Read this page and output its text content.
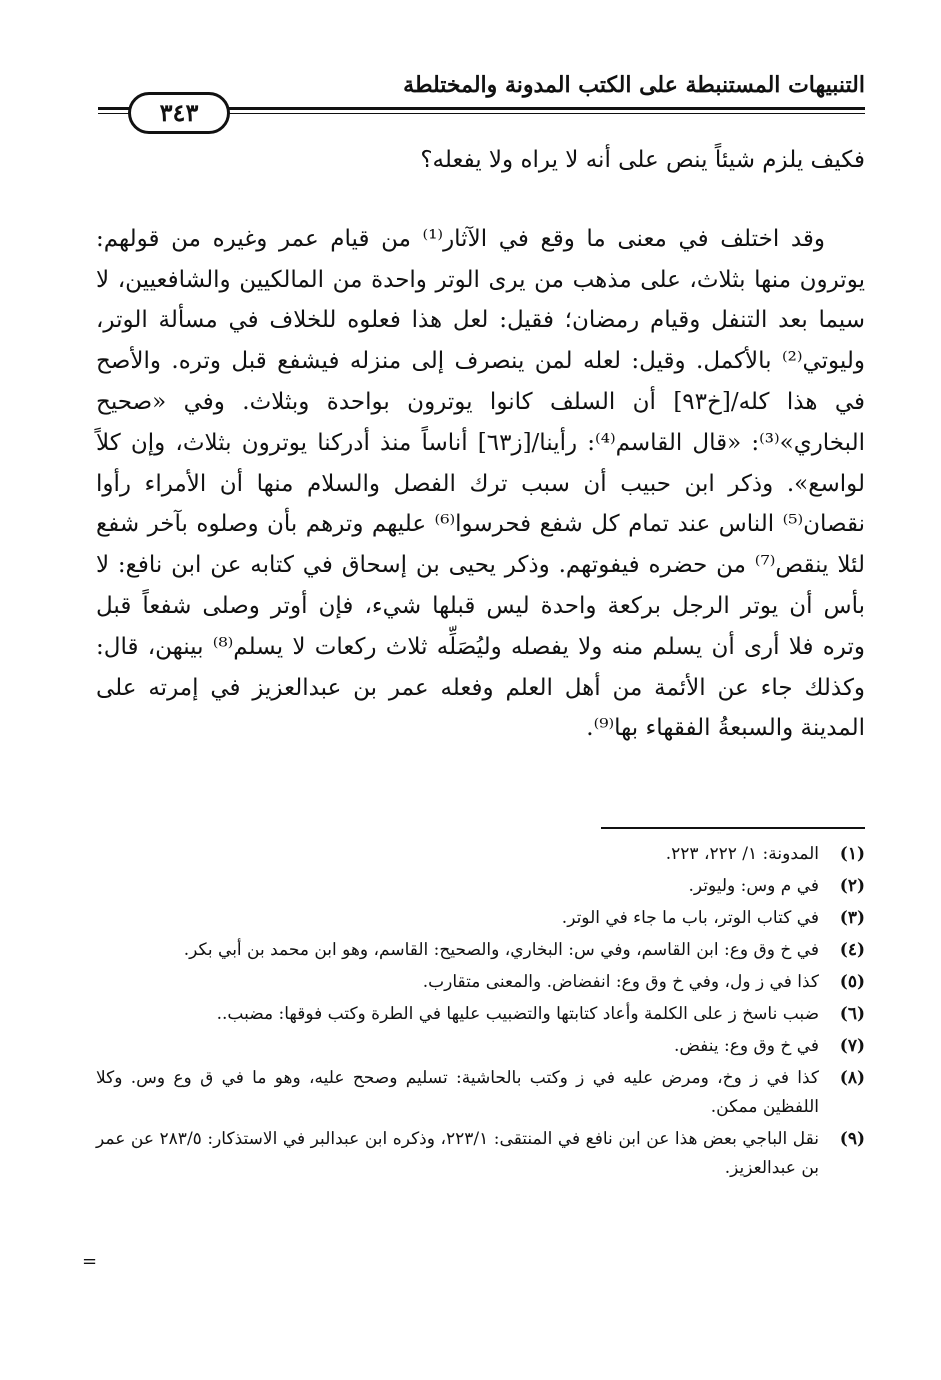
التنبيهات المستنبطة على الكتب المدونة والمختلطة
٣٤٣

فكيف يلزم شيئاً ينص على أنه لا يراه ولا يفعله؟

وقد اختلف في معنى ما وقع في الآثار⁽¹⁾ من قيام عمر وغيره من قولهم: يوترون منها بثلاث، على مذهب من يرى الوتر واحدة من المالكيين والشافعيين، لا سيما بعد التنفل وقيام رمضان؛ فقيل: لعل هذا فعلوه للخلاف في مسألة الوتر، وليوتي⁽²⁾ بالأكمل. وقيل: لعله لمن ينصرف إلى منزله فيشفع قبل وتره. والأصح في هذا كله/[خ٩٣] أن السلف كانوا يوترون بواحدة وبثلاث. وفي «صحيح البخاري»⁽³⁾: «قال القاسم⁽⁴⁾: رأينا/[ز٦٣] أناساً منذ أدركنا يوترون بثلاث، وإن كلاً لواسع». وذكر ابن حبيب أن سبب ترك الفصل والسلام منها أن الأمراء رأوا نقصان⁽⁵⁾ الناس عند تمام كل شفع فحرسوا⁽⁶⁾ عليهم وترهم بأن وصلوه بآخر شفع لئلا ينقص⁽⁷⁾ من حضره فيفوتهم. وذكر يحيى بن إسحاق في كتابه عن ابن نافع: لا بأس أن يوتر الرجل بركعة واحدة ليس قبلها شيء، فإن أوتر وصلى شفعاً قبل وتره فلا أرى أن يسلم منه ولا يفصله وليُصَلِّه ثلاث ركعات لا يسلم⁽⁸⁾ بينهن، قال: وكذلك جاء عن الأئمة من أهل العلم وفعله عمر بن عبدالعزيز في إمرته على المدينة والسبعةُ الفقهاء بها⁽⁹⁾.

(١)
المدونة: ١/ ٢٢٢، ٢٢٣.
(٢)
في م وس: وليوتر.
(٣)
في كتاب الوتر، باب ما جاء في الوتر.
(٤)
في خ وق وع: ابن القاسم، وفي س: البخاري، والصحيح: القاسم، وهو ابن محمد بن أبي بكر.
(٥)
كذا في ز ول، وفي خ وق وع: انفضاض. والمعنى متقارب.
(٦)
ضبب ناسخ ز على الكلمة وأعاد كتابتها والتضبيب عليها في الطرة وكتب فوقها: مضبب..
(٧)
في خ وق وع: ينفض.
(٨)
كذا في ز وخ، ومرض عليه في ز وكتب بالحاشية: تسليم وصحح عليه، وهو ما في ق وع وس. وكلا اللفظين ممكن.
(٩)
نقل الباجي بعض هذا عن ابن نافع في المنتقى: ٢٢٣/١، وذكره ابن عبدالبر في الاستذكار: ٢٨٣/٥ عن عمر بن عبدالعزيز.
=
